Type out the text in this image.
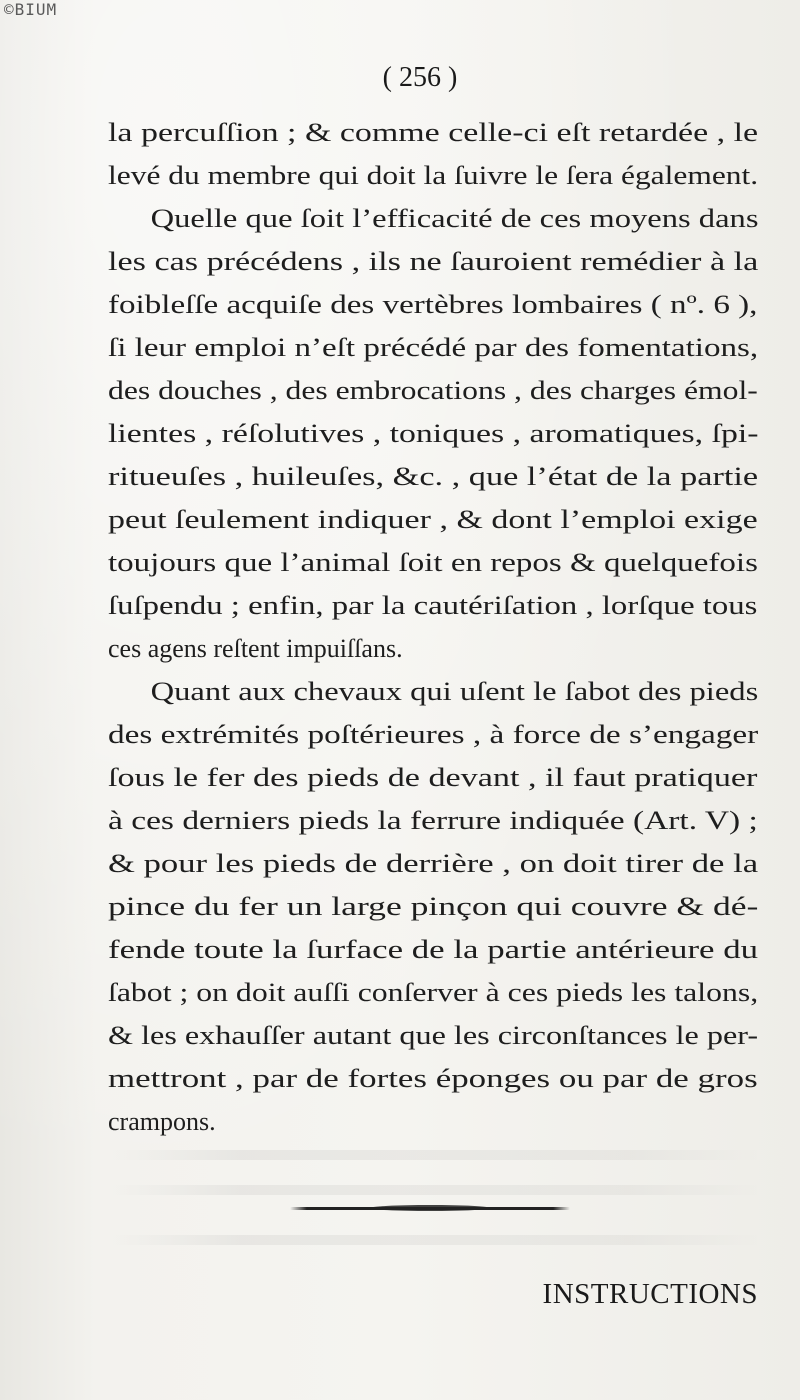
©BIUM
( 256 )
la percuſſion ; & comme celle-ci eſt retardée , le
levé du membre qui doit la ſuivre le ſera également.
Quelle que ſoit l’efficacité de ces moyens dans
les cas précédens , ils ne ſauroient remédier à la
foibleſſe acquiſe des vertèbres lombaires ( nº. 6 ),
ſi leur emploi n’eſt précédé par des fomentations,
des douches , des embrocations , des charges émol-
lientes , réſolutives , toniques , aromatiques, ſpi-
ritueuſes , huileuſes, &c. , que l’état de la partie
peut ſeulement indiquer , & dont l’emploi exige
toujours que l’animal ſoit en repos & quelquefois
ſuſpendu ; enfin, par la cautériſation , lorſque tous
ces agens reſtent impuiſſans.
Quant aux chevaux qui uſent le ſabot des pieds
des extrémités poſtérieures , à force de s’engager
ſous le fer des pieds de devant , il faut pratiquer
à ces derniers pieds la ferrure indiquée (Art. V) ;
& pour les pieds de derrière , on doit tirer de la
pince du fer un large pinçon qui couvre & dé-
fende toute la ſurface de la partie antérieure du
ſabot ; on doit auſſi conſerver à ces pieds les talons,
& les exhauſſer autant que les circonſtances le per-
mettront , par de fortes éponges ou par de gros
crampons.
INSTRUCTIONS
